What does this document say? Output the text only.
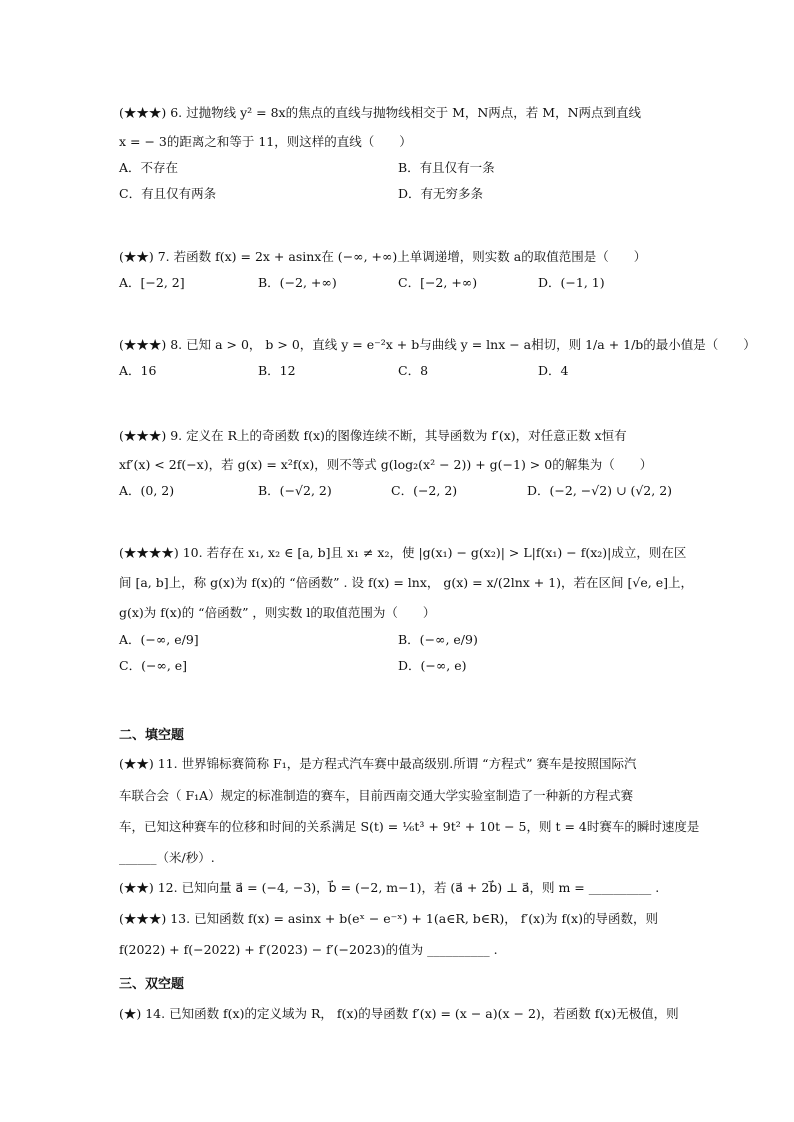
(★★★) 6. 过抛物线 y² = 8x的焦点的直线与抛物线相交于 M，N两点，若 M，N两点到直线
x = − 3的距离之和等于 11，则这样的直线（　　）
A．不存在	B．有且仅有一条
C．有且仅有两条	D．有无穷多条
(★★) 7. 若函数 f(x) = 2x + asinx在 (−∞, +∞)上单调递增，则实数 a的取值范围是（　　）
A．[−2, 2]	B．(−2, +∞)	C．[−2, +∞)	D．(−1, 1)
(★★★) 8. 已知 a > 0， b > 0，直线 y = e⁻²x + b与曲线 y = lnx − a相切，则 1/a + 1/b的最小值是（　　）
A．16	B．12	C．8	D．4
(★★★) 9. 定义在 R上的奇函数 f(x)的图像连续不断，其导函数为 f′(x)，对任意正数 x恒有
xf′(x) < 2f(−x)，若 g(x) = x²f(x)，则不等式 g(log₂(x² − 2)) + g(−1) > 0的解集为（　　）
A．(0, 2)	B．(−√2, 2)	C．(−2, 2)	D．(−2, −√2) ∪ (√2, 2)
(★★★★) 10. 若存在 x₁, x₂ ∈ [a, b]且 x₁ ≠ x₂，使 |g(x₁) − g(x₂)| > L|f(x₁) − f(x₂)|成立，则在区
间 [a, b]上，称 g(x)为 f(x)的 “倍函数” . 设 f(x) = lnx， g(x) = x/(2lnx + 1)，若在区间 [√e, e]上，
g(x)为 f(x)的 “倍函数” ，则实数 l的取值范围为（　　）
A．(−∞, e/9]	B．(−∞, e/9)
C．(−∞, e]	D．(−∞, e)
二、填空题
(★★) 11. 世界锦标赛简称 F₁，是方程式汽车赛中最高级别.所谓 “方程式” 赛车是按照国际汽
车联合会（ F₁A）规定的标准制造的赛车，目前西南交通大学实验室制造了一种新的方程式赛
车，已知这种赛车的位移和时间的关系满足 S(t) = ⅙t³ + 9t² + 10t − 5，则 t = 4时赛车的瞬时速度是
______（米/秒）.
(★★) 12. 已知向量 a⃗ = (−4, −3)，b⃗ = (−2, m−1)，若 (a⃗ + 2b⃗) ⊥ a⃗，则 m = __________ .
(★★★) 13. 已知函数 f(x) = asinx + b(eˣ − e⁻ˣ) + 1(a∈R, b∈R)， f′(x)为 f(x)的导函数，则
f(2022) + f(−2022) + f′(2023) − f′(−2023)的值为 __________ .
三、双空题
(★) 14. 已知函数 f(x)的定义域为 R， f(x)的导函数 f′(x) = (x − a)(x − 2)，若函数 f(x)无极值，则
